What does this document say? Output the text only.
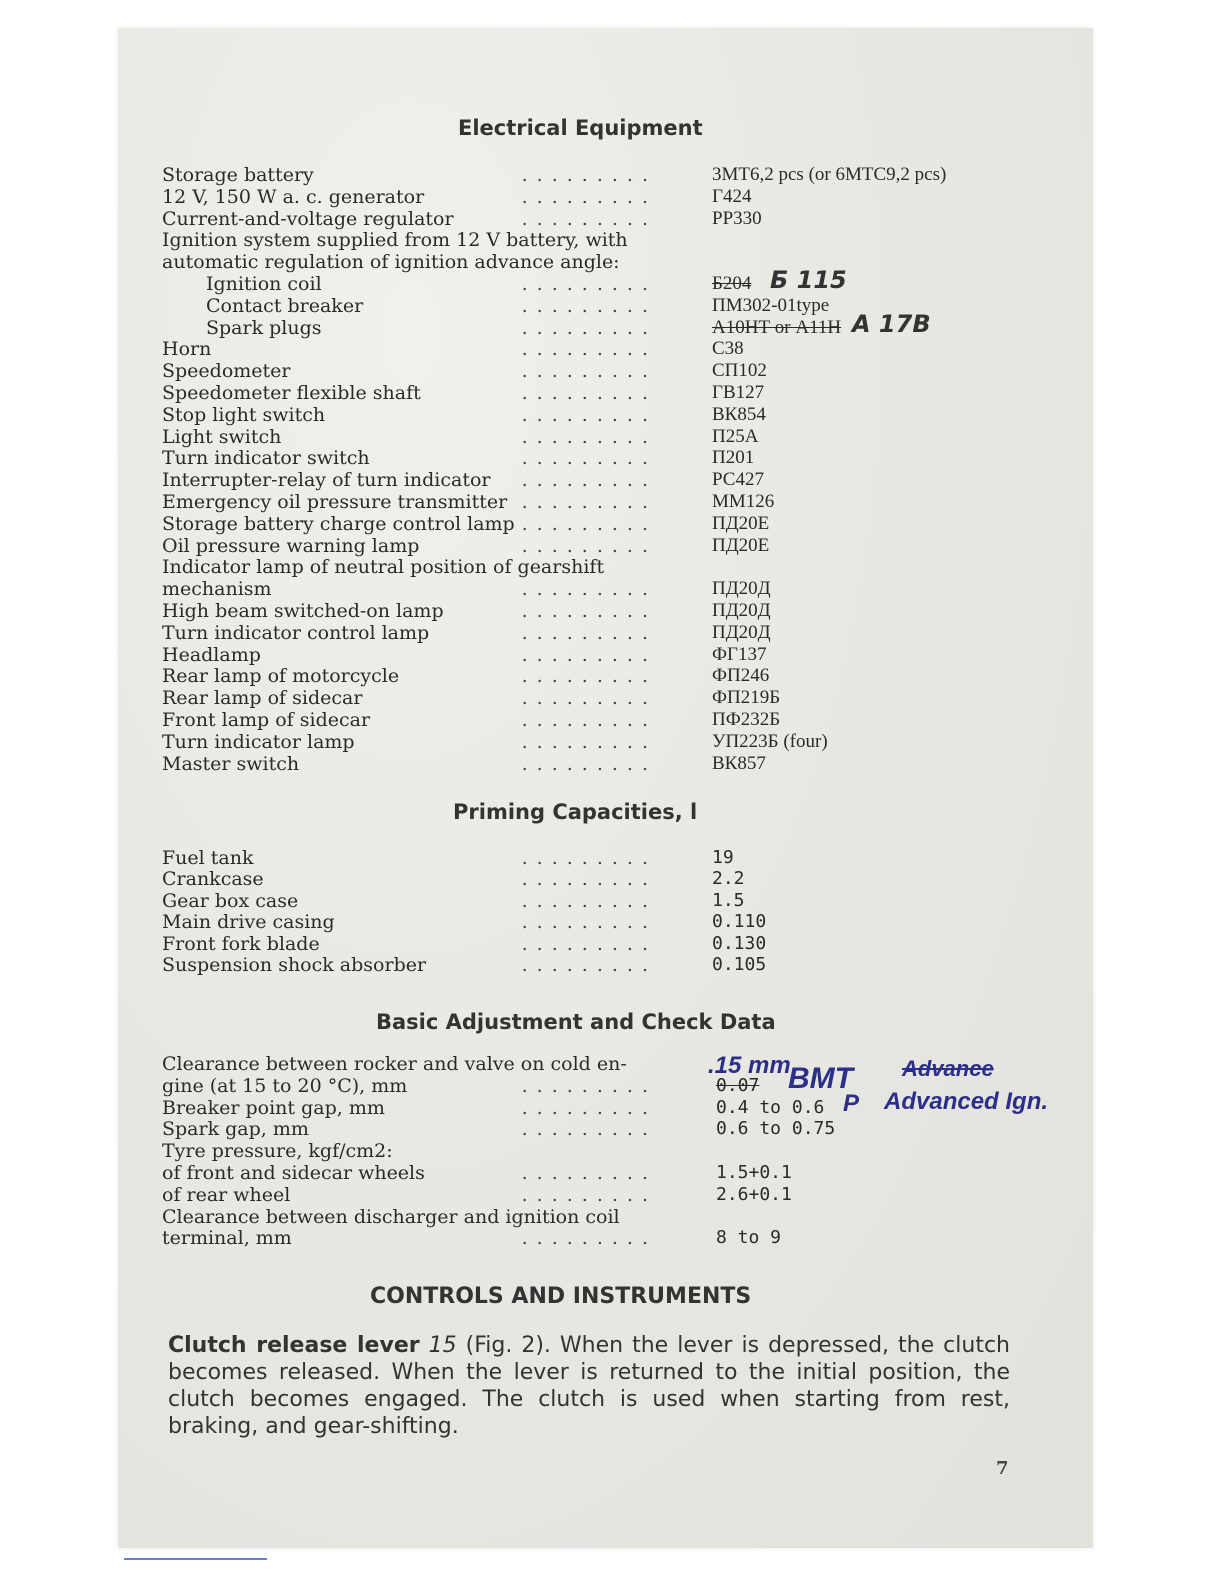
Electrical Equipment
Storage battery	.........	3МТ6,2 pcs (or 6МТС9,2 pcs)
12 V, 150 W a. c. generator	.........	Г424
Current-and-voltage regulator	.........	РР330
Ignition system supplied from 12 V battery, with
automatic regulation of ignition advance angle:
Ignition coil	.........	Б204 Б 115
Contact breaker	.........	ПМ302-01type
Spark plugs	.........	А10НТ or А11Н А 17В
Horn	.........	С38
Speedometer	.........	СП102
Speedometer flexible shaft	.........	ГВ127
Stop light switch	.........	ВК854
Light switch	.........	П25А
Turn indicator switch	.........	П201
Interrupter-relay of turn indicator .........	РС427
Emergency oil pressure transmitter .........	ММ126
Storage battery charge control lamp .........	ПД20Е
Oil pressure warning lamp	.........	ПД20Е
Indicator lamp of neutral position of gearshift
mechanism	.........	ПД20Д
High beam switched-on lamp	.........	ПД20Д
Turn indicator control lamp	.........	ПД20Д
Headlamp	.........	ФГ137
Rear lamp of motorcycle	.........	ФП246
Rear lamp of sidecar	.........	ФП219Б
Front lamp of sidecar	.........	ПФ232Б
Turn indicator lamp	.........	УП223Б (four)
Master switch	.........	ВК857
Priming Capacities, l
Fuel tank	.........	19
Crankcase	.........	2.2
Gear box case	.........	1.5
Main drive casing	.........	0.110
Front fork blade	.........	0.130
Suspension shock absorber	.........	0.105
Basic Adjustment and Check Data
Clearance between rocker and valve on cold en-
gine (at 15 to 20 °C), mm	.........	0.07
Breaker point gap, mm	.........	0.4 to 0.6
Spark gap, mm	.........	0.6 to 0.75
Tyre pressure, kgf/cm2:
of front and sidecar wheels	.........	1.5+0.1
of rear wheel	.........	2.6+0.1
Clearance between discharger and ignition coil
terminal, mm	.........	8 to 9
.15 mm
BMT Advance
P Advanced Ign.
CONTROLS AND INSTRUMENTS
Clutch release lever 15 (Fig. 2). When the lever is depressed, the clutch becomes released. When the lever is returned to the initial position, the clutch becomes engaged. The clutch is used when starting from rest, braking, and gear-shifting.
7
